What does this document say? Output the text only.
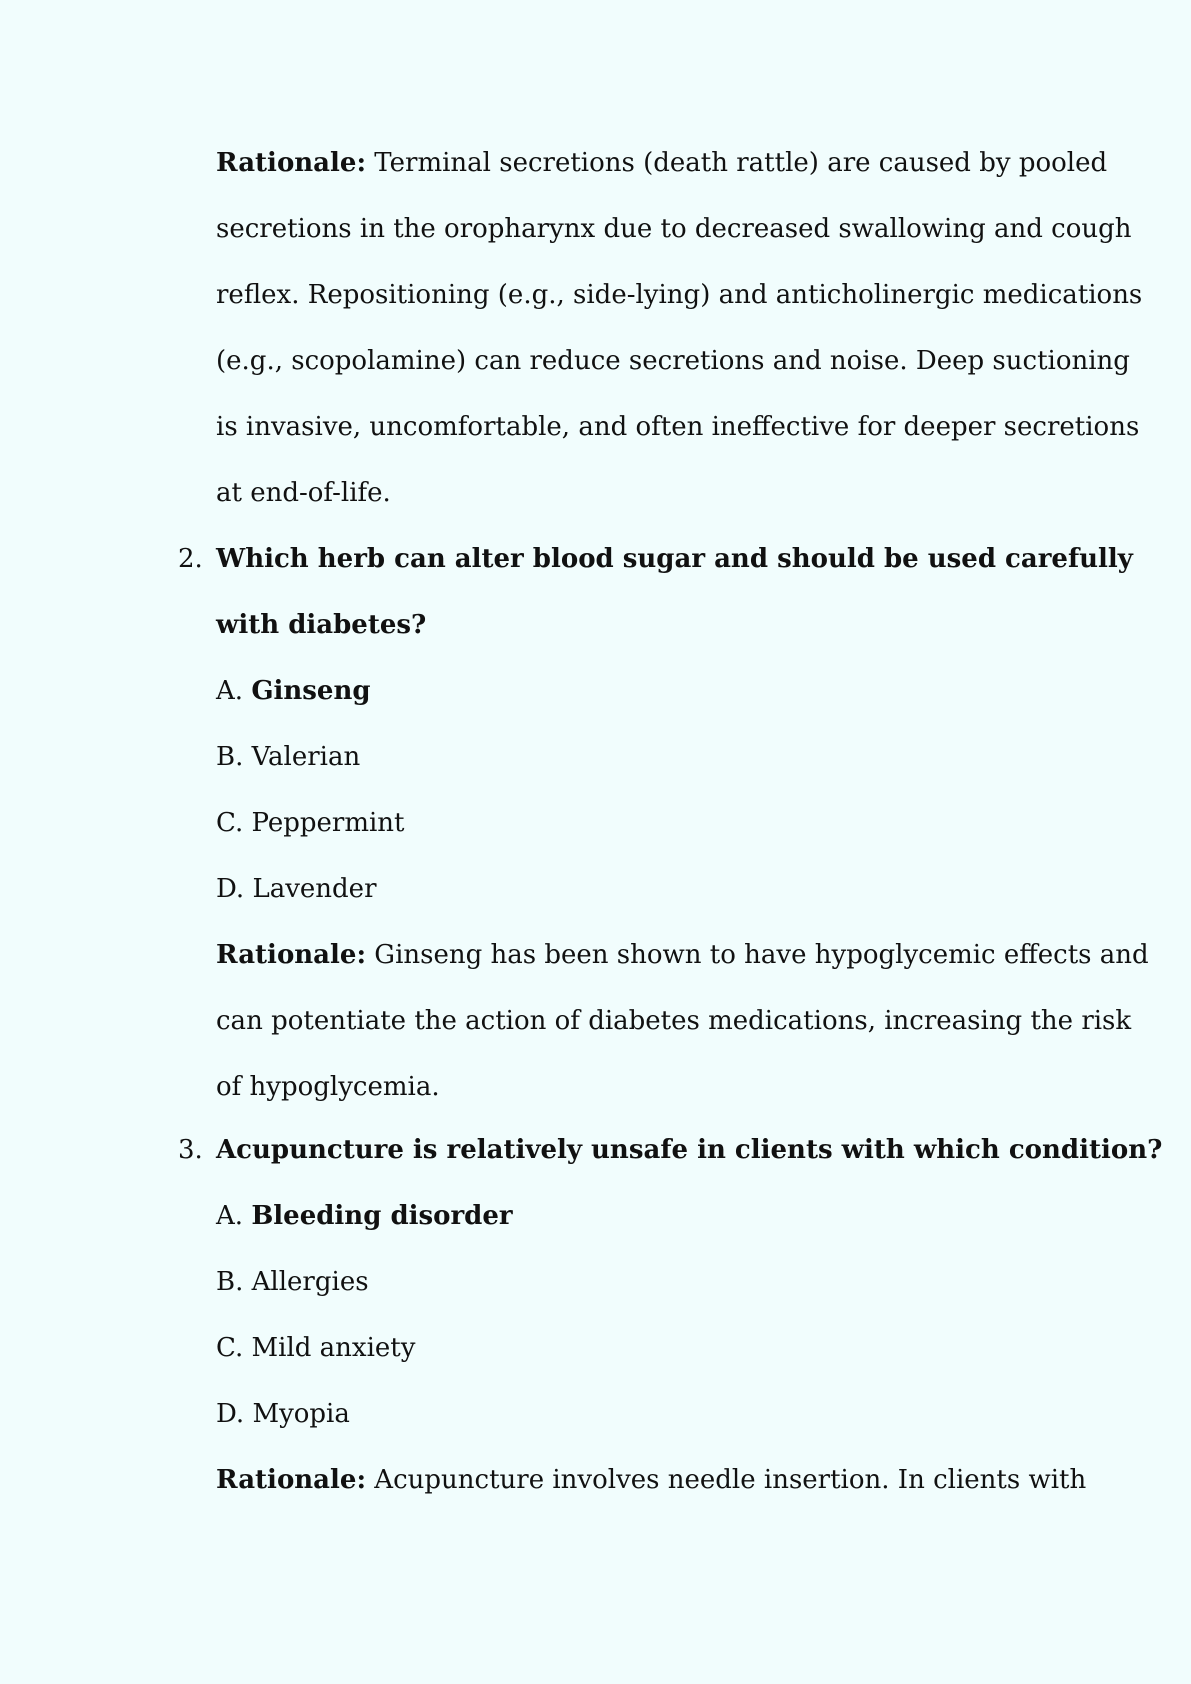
Rationale: Terminal secretions (death rattle) are caused by pooled
secretions in the oropharynx due to decreased swallowing and cough
reflex. Repositioning (e.g., side-lying) and anticholinergic medications
(e.g., scopolamine) can reduce secretions and noise. Deep suctioning
is invasive, uncomfortable, and often ineffective for deeper secretions
at end-of-life.
2. Which herb can alter blood sugar and should be used carefully
with diabetes?
A. Ginseng
B. Valerian
C. Peppermint
D. Lavender
Rationale: Ginseng has been shown to have hypoglycemic effects and
can potentiate the action of diabetes medications, increasing the risk
of hypoglycemia.
3. Acupuncture is relatively unsafe in clients with which condition?
A. Bleeding disorder
B. Allergies
C. Mild anxiety
D. Myopia
Rationale: Acupuncture involves needle insertion. In clients with
